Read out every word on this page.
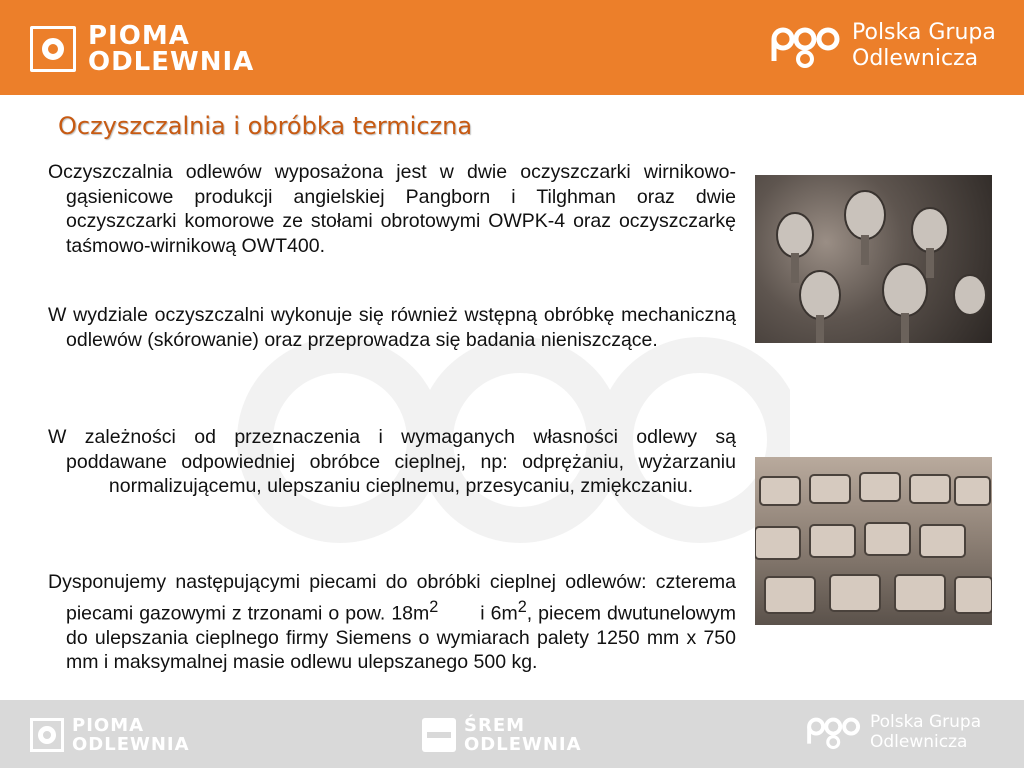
PIOMA
ODLEWNIA
Polska Grupa
Odlewnicza
Oczyszczalnia i obróbka termiczna

Oczyszczalnia odlewów wyposażona jest w dwie oczyszczarki wirnikowo-gąsienicowe produkcji angielskiej Pangborn i Tilghman oraz dwie oczyszczarki komorowe ze stołami obrotowymi OWPK-4 oraz oczyszczarkę taśmowo-wirnikową OWT400.

W wydziale oczyszczalni wykonuje się również wstępną obróbkę mechaniczną odlewów (skórowanie) oraz przeprowadza się badania nieniszczące.

W zależności od przeznaczenia i wymaganych własności odlewy są poddawane odpowiedniej obróbce cieplnej, np: odprężaniu, wyżarzaniu normalizującemu, ulepszaniu cieplnemu, przesycaniu, zmiękczaniu.

Dysponujemy następującymi piecami do obróbki cieplnej odlewów: czterema piecami gazowymi z trzonami o pow. $18m^2$       i $6m^2$, piecem dwutunelowym do ulepszania cieplnego firmy Siemens o wymiarach palety 1250 mm x 750 mm i maksymalnej masie odlewu ulepszanego 500 kg.

PIOMA
ODLEWNIA
ŚREM
ODLEWNIA
Polska Grupa
Odlewnicza
